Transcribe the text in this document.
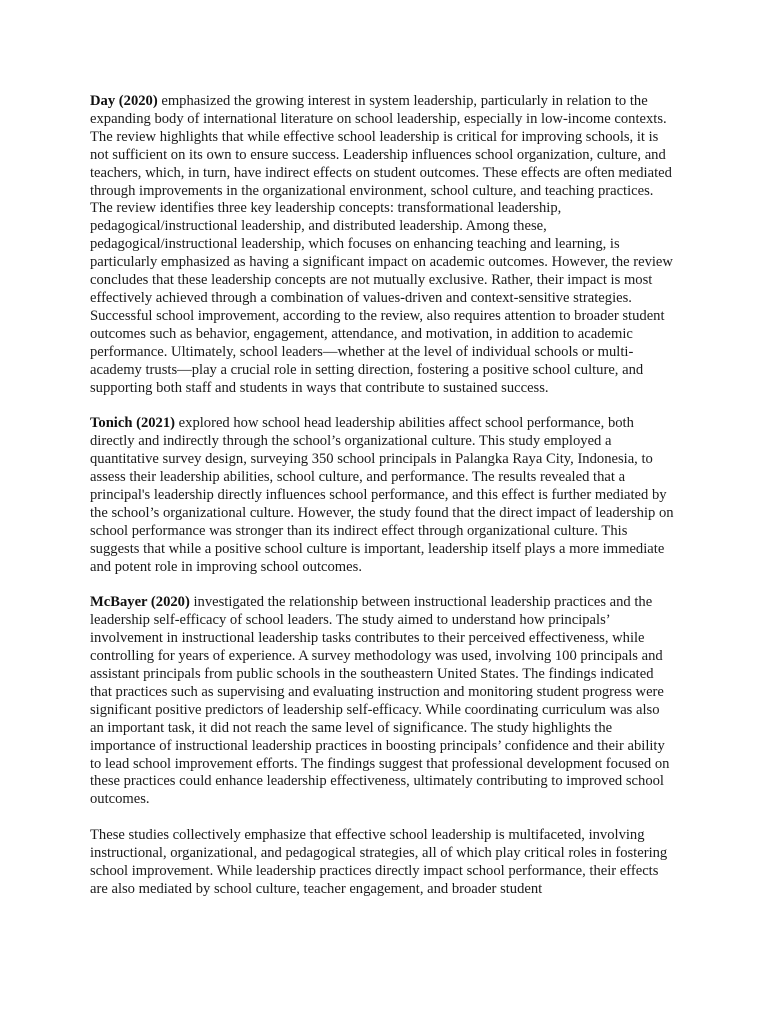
Day (2020) emphasized the growing interest in system leadership, particularly in relation to the expanding body of international literature on school leadership, especially in low-income contexts. The review highlights that while effective school leadership is critical for improving schools, it is not sufficient on its own to ensure success. Leadership influences school organization, culture, and teachers, which, in turn, have indirect effects on student outcomes. These effects are often mediated through improvements in the organizational environment, school culture, and teaching practices. The review identifies three key leadership concepts: transformational leadership, pedagogical/instructional leadership, and distributed leadership. Among these, pedagogical/instructional leadership, which focuses on enhancing teaching and learning, is particularly emphasized as having a significant impact on academic outcomes. However, the review concludes that these leadership concepts are not mutually exclusive. Rather, their impact is most effectively achieved through a combination of values-driven and context-sensitive strategies. Successful school improvement, according to the review, also requires attention to broader student outcomes such as behavior, engagement, attendance, and motivation, in addition to academic performance. Ultimately, school leaders—whether at the level of individual schools or multi-academy trusts—play a crucial role in setting direction, fostering a positive school culture, and supporting both staff and students in ways that contribute to sustained success.

Tonich (2021) explored how school head leadership abilities affect school performance, both directly and indirectly through the school’s organizational culture. This study employed a quantitative survey design, surveying 350 school principals in Palangka Raya City, Indonesia, to assess their leadership abilities, school culture, and performance. The results revealed that a principal's leadership directly influences school performance, and this effect is further mediated by the school’s organizational culture. However, the study found that the direct impact of leadership on school performance was stronger than its indirect effect through organizational culture. This suggests that while a positive school culture is important, leadership itself plays a more immediate and potent role in improving school outcomes.

McBayer (2020) investigated the relationship between instructional leadership practices and the leadership self-efficacy of school leaders. The study aimed to understand how principals’ involvement in instructional leadership tasks contributes to their perceived effectiveness, while controlling for years of experience. A survey methodology was used, involving 100 principals and assistant principals from public schools in the southeastern United States. The findings indicated that practices such as supervising and evaluating instruction and monitoring student progress were significant positive predictors of leadership self-efficacy. While coordinating curriculum was also an important task, it did not reach the same level of significance. The study highlights the importance of instructional leadership practices in boosting principals’ confidence and their ability to lead school improvement efforts. The findings suggest that professional development focused on these practices could enhance leadership effectiveness, ultimately contributing to improved school outcomes.

These studies collectively emphasize that effective school leadership is multifaceted, involving instructional, organizational, and pedagogical strategies, all of which play critical roles in fostering school improvement. While leadership practices directly impact school performance, their effects are also mediated by school culture, teacher engagement, and broader student
